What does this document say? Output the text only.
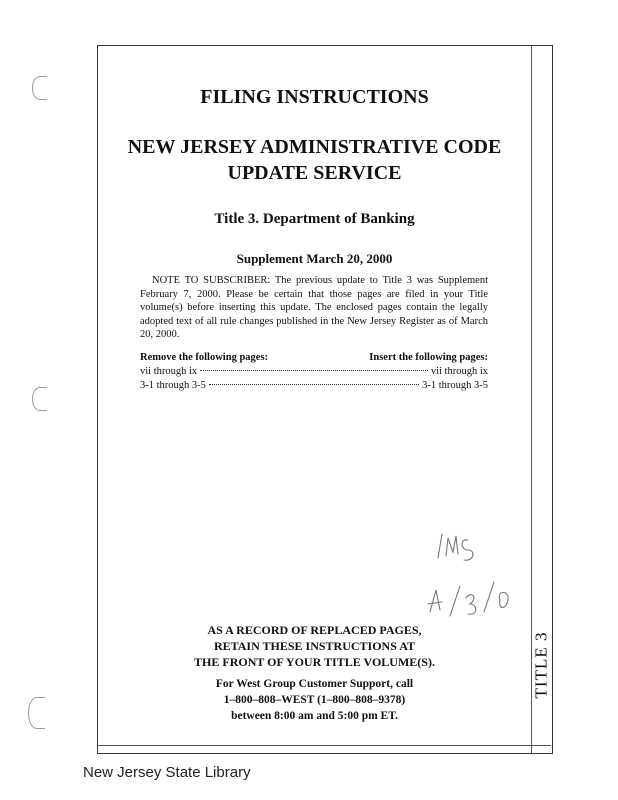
TITLE 3
FILING INSTRUCTIONS
NEW JERSEY ADMINISTRATIVE CODE
UPDATE SERVICE
Title 3. Department of Banking
Supplement March 20, 2000
NOTE TO SUBSCRIBER: The previous update to Title 3 was Supplement February 7, 2000. Please be certain that those pages are filed in your Title volume(s) before inserting this update. The enclosed pages contain the legally adopted text of all rule changes published in the New Jersey Register as of March 20, 2000.
Remove the following pages:	Insert the following pages:
vii through ix	vii through ix
3-1 through 3-5	3-1 through 3-5
AS A RECORD OF REPLACED PAGES,
RETAIN THESE INSTRUCTIONS AT
THE FRONT OF YOUR TITLE VOLUME(S).
For West Group Customer Support, call
1–800–808–WEST (1–800–808–9378)
between 8:00 am and 5:00 pm ET.
New Jersey State Library
